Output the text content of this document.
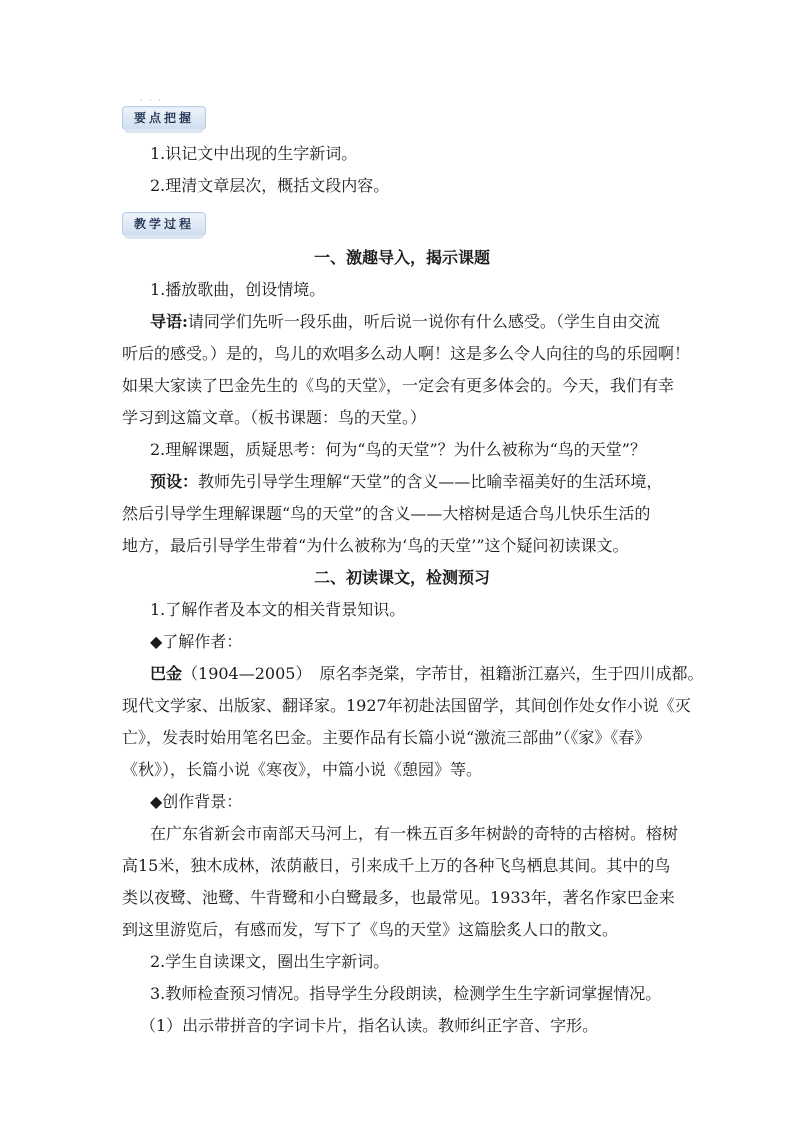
· · ·
要点把握
1.识记文中出现的生字新词。
2.理清文章层次，概括文段内容。
教学过程
一、激趣导入，揭示课题
1.播放歌曲，创设情境。
导语:请同学们先听一段乐曲，听后说一说你有什么感受。（学生自由交流
听后的感受。）是的，鸟儿的欢唱多么动人啊！这是多么令人向往的鸟的乐园啊！
如果大家读了巴金先生的《鸟的天堂》，一定会有更多体会的。今天，我们有幸
学习到这篇文章。（板书课题：鸟的天堂。）
2.理解课题，质疑思考：何为“鸟的天堂”？为什么被称为“鸟的天堂”？
预设：教师先引导学生理解“天堂”的含义——比喻幸福美好的生活环境，
然后引导学生理解课题“鸟的天堂”的含义——大榕树是适合鸟儿快乐生活的
地方，最后引导学生带着“为什么被称为‘鸟的天堂’”这个疑问初读课文。
二、初读课文，检测预习
1.了解作者及本文的相关背景知识。
◆了解作者：
巴金（1904—2005）　原名李尧棠，字芾甘，祖籍浙江嘉兴，生于四川成都。
现代文学家、出版家、翻译家。1927年初赴法国留学，其间创作处女作小说《灭
亡》，发表时始用笔名巴金。主要作品有长篇小说“激流三部曲”（《家》《春》
《秋》），长篇小说《寒夜》，中篇小说《憩园》等。
◆创作背景：
在广东省新会市南部天马河上，有一株五百多年树龄的奇特的古榕树。榕树
高15米，独木成林，浓荫蔽日，引来成千上万的各种飞鸟栖息其间。其中的鸟
类以夜鹭、池鹭、牛背鹭和小白鹭最多，也最常见。1933年，著名作家巴金来
到这里游览后，有感而发，写下了《鸟的天堂》这篇脍炙人口的散文。
2.学生自读课文，圈出生字新词。
3.教师检查预习情况。指导学生分段朗读，检测学生生字新词掌握情况。
（1）出示带拼音的字词卡片，指名认读。教师纠正字音、字形。
